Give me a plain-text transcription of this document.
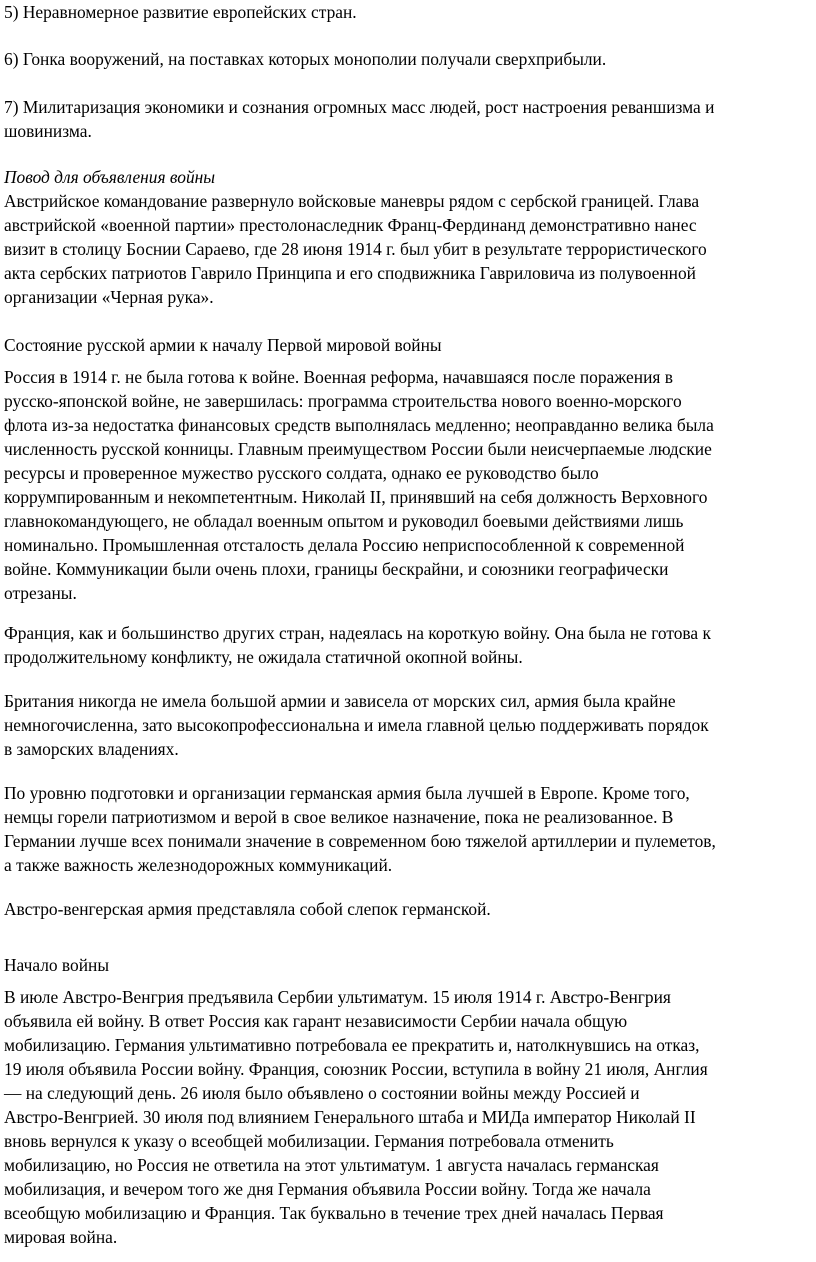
5) Неравномерное развитие европейских стран.

6) Гонка вооружений, на поставках которых монополии получали сверхприбыли.

7) Милитаризация экономики и сознания огромных масс людей, рост настроения реваншизма и
шовинизма.

Повод для объявления войны

Австрийское командование развернуло войсковые маневры рядом с сербской границей. Глава
австрийской «военной партии» престолонаследник Франц-Фердинанд демонстративно нанес
визит в столицу Боснии Сараево, где 28 июня 1914 г. был убит в результате террористического
акта сербских патриотов Гаврило Принципа и его сподвижника Гавриловича из полувоенной
организации «Черная рука».

Состояние русской армии к началу Первой мировой войны

Россия в 1914 г. не была готова к войне. Военная реформа, начавшаяся после поражения в
русско-японской войне, не завершилась: программа строительства нового военно-морского
флота из-за недостатка финансовых средств выполнялась медленно; неоправданно велика была
численность русской конницы. Главным преимуществом России были неисчерпаемые людские
ресурсы и проверенное мужество русского солдата, однако ее руководство было
коррумпированным и некомпетентным. Николай II, принявший на себя должность Верховного
главнокомандующего, не обладал военным опытом и руководил боевыми действиями лишь
номинально. Промышленная отсталость делала Россию неприспособленной к современной
войне. Коммуникации были очень плохи, границы бескрайни, и союзники географически
отрезаны.

Франция, как и большинство других стран, надеялась на короткую войну. Она была не готова к
продолжительному конфликту, не ожидала статичной окопной войны.

Британия никогда не имела большой армии и зависела от морских сил, армия была крайне
немногочисленна, зато высокопрофессиональна и имела главной целью поддерживать порядок
в заморских владениях.

По уровню подготовки и организации германская армия была лучшей в Европе. Кроме того,
немцы горели патриотизмом и верой в свое великое назначение, пока не реализованное. В
Германии лучше всех понимали значение в современном бою тяжелой артиллерии и пулеметов,
а также важность железнодорожных коммуникаций.

Австро-венгерская армия представляла собой слепок германской.

Начало войны

В июле Австро-Венгрия предъявила Сербии ультиматум. 15 июля 1914 г. Австро-Венгрия
объявила ей войну. В ответ Россия как гарант независимости Сербии начала общую
мобилизацию. Германия ультимативно потребовала ее прекратить и, натолкнувшись на отказ,
19 июля объявила России войну. Франция, союзник России, вступила в войну 21 июля, Англия
— на следующий день. 26 июля было объявлено о состоянии войны между Россией и
Австро-Венгрией. 30 июля под влиянием Генерального штаба и МИДа император Николай II
вновь вернулся к указу о всеобщей мобилизации. Германия потребовала отменить
мобилизацию, но Россия не ответила на этот ультиматум. 1 августа началась германская
мобилизация, и вечером того же дня Германия объявила России войну. Тогда же начала
всеобщую мобилизацию и Франция. Так буквально в течение трех дней началась Первая
мировая война.
